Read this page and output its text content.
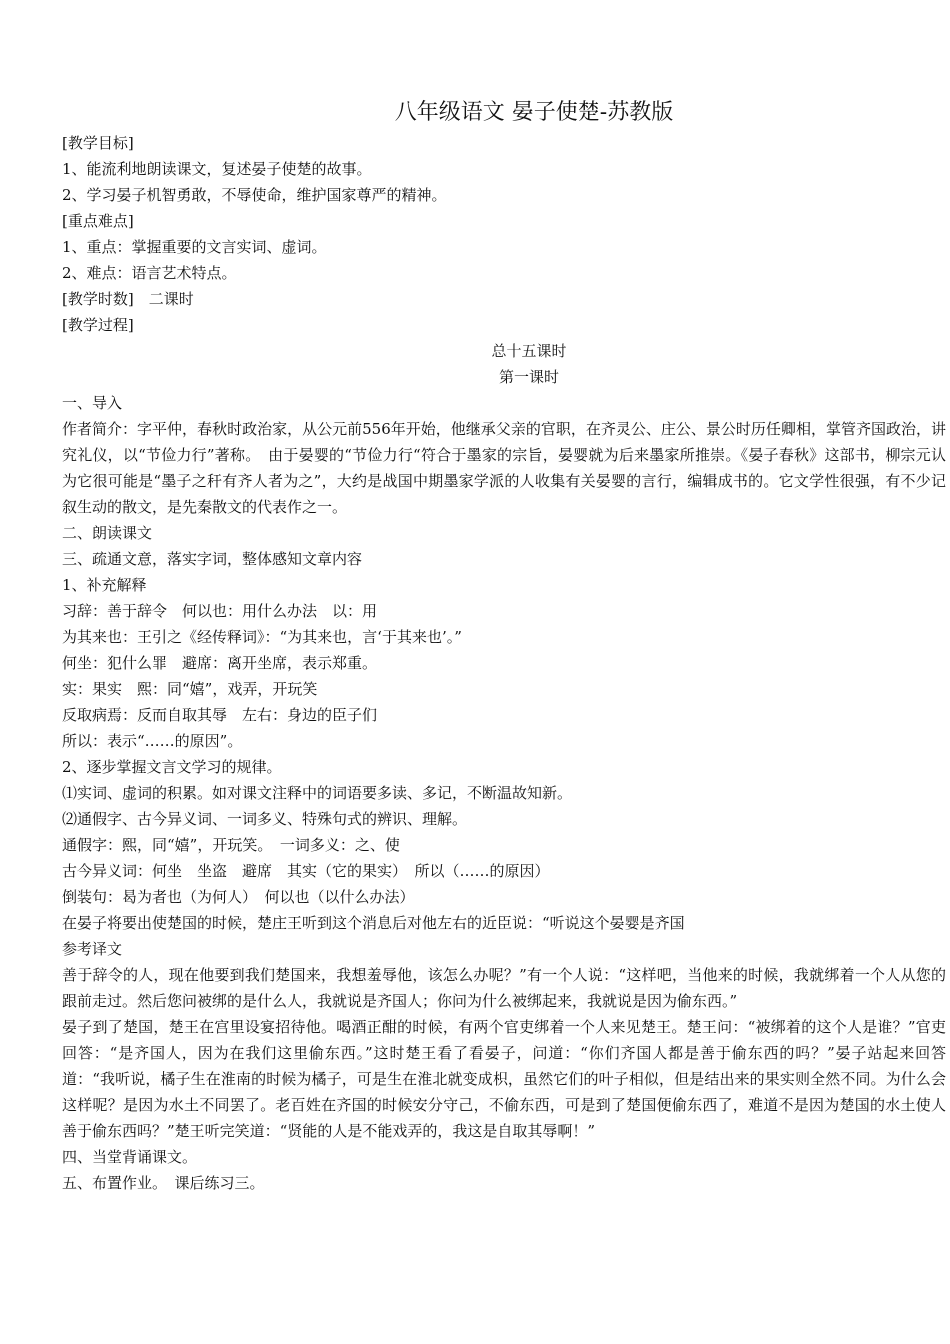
八年级语文 晏子使楚-苏教版
[教学目标]
1、能流利地朗读课文，复述晏子使楚的故事。
2、学习晏子机智勇敢，不辱使命，维护国家尊严的精神。
[重点难点]
1、重点：掌握重要的文言实词、虚词。
2、难点：语言艺术特点。
[教学时数]　二课时
[教学过程]
总十五课时
第一课时
一、导入
作者简介：字平仲，春秋时政治家，从公元前556年开始，他继承父亲的官职，在齐灵公、庄公、景公时历任卿相，掌管齐国政治，讲究礼仪，以“节俭力行”著称。　由于晏婴的“节俭力行“符合于墨家的宗旨，晏婴就为后来墨家所推崇。《晏子春秋》这部书，柳宗元认为它很可能是“墨子之秆有齐人者为之”，大约是战国中期墨家学派的人收集有关晏婴的言行，编辑成书的。它文学性很强，有不少记叙生动的散文，是先秦散文的代表作之一。
二、朗读课文
三、疏通文意，落实字词，整体感知文章内容
1、补充解释
习辞：善于辞令　何以也：用什么办法　以：用
为其来也：王引之《经传释词》：“为其来也，言‘于其来也’。”
何坐：犯什么罪　避席：离开坐席，表示郑重。
实：果实　熙：同“嬉”，戏弄，开玩笑
反取病焉：反而自取其辱　左右：身边的臣子们
所以：表示“……的原因”。
2、逐步掌握文言文学习的规律。
⑴实词、虚词的积累。如对课文注释中的词语要多读、多记，不断温故知新。
⑵通假字、古今异义词、一词多义、特殊句式的辨识、理解。
通假字：熙，同“嬉”，开玩笑。　一词多义：之、使
古今异义词：何坐　坐盗　避席　其实（它的果实）　所以（……的原因）
倒装句：曷为者也（为何人）　何以也（以什么办法）
在晏子将要出使楚国的时候，楚庄王听到这个消息后对他左右的近臣说：“听说这个晏婴是齐国
参考译文
善于辞令的人，现在他要到我们楚国来，我想羞辱他，该怎么办呢？”有一个人说：“这样吧，当他来的时候，我就绑着一个人从您的跟前走过。然后您问被绑的是什么人，我就说是齐国人；你问为什么被绑起来，我就说是因为偷东西。”
晏子到了楚国，楚王在宫里设宴招待他。喝酒正酣的时候，有两个官吏绑着一个人来见楚王。楚王问：“被绑着的这个人是谁？”官吏回答：“是齐国人，因为在我们这里偷东西。”这时楚王看了看晏子，问道：“你们齐国人都是善于偷东西的吗？”晏子站起来回答道：“我听说，橘子生在淮南的时候为橘子，可是生在淮北就变成枳，虽然它们的叶子相似，但是结出来的果实则全然不同。为什么会这样呢？是因为水土不同罢了。老百姓在齐国的时候安分守己，不偷东西，可是到了楚国便偷东西了，难道不是因为楚国的水土使人善于偷东西吗？”楚王听完笑道：“贤能的人是不能戏弄的，我这是自取其辱啊！”
四、当堂背诵课文。
五、布置作业。　课后练习三。
